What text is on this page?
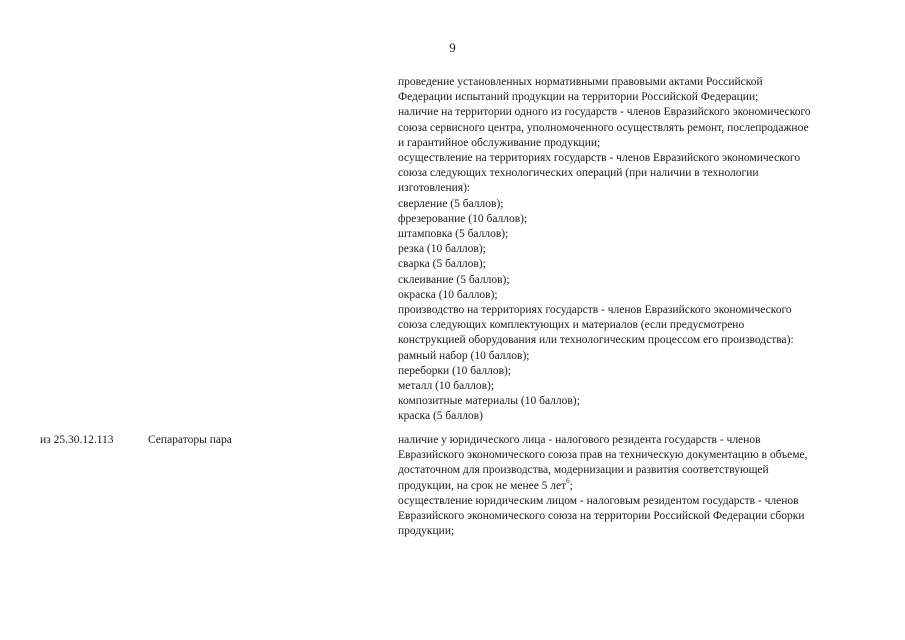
9
проведение установленных нормативными правовыми актами Российской
Федерации испытаний продукции на территории Российской Федерации;
наличие на территории одного из государств - членов Евразийского экономического
союза сервисного центра, уполномоченного осуществлять ремонт, послепродажное
и гарантийное обслуживание продукции;
осуществление на территориях государств - членов Евразийского экономического
союза следующих технологических операций (при наличии в технологии
изготовления):
сверление (5 баллов);
фрезерование (10 баллов);
штамповка (5 баллов);
резка (10 баллов);
сварка (5 баллов);
склеивание (5 баллов);
окраска (10 баллов);
производство на территориях государств - членов Евразийского экономического
союза следующих комплектующих и материалов (если предусмотрено
конструкцией оборудования или технологическим процессом его производства):
рамный набор (10 баллов);
переборки (10 баллов);
металл (10 баллов);
композитные материалы (10 баллов);
краска (5 баллов)
из 25.30.12.113	Сепараторы пара	наличие у юридического лица - налогового резидента государств - членов
Евразийского экономического союза прав на техническую документацию в объеме,
достаточном для производства, модернизации и развития соответствующей
продукции, на срок не менее 5 лет$^6$;
осуществление юридическим лицом - налоговым резидентом государств - членов
Евразийского экономического союза на территории Российской Федерации сборки
продукции;
